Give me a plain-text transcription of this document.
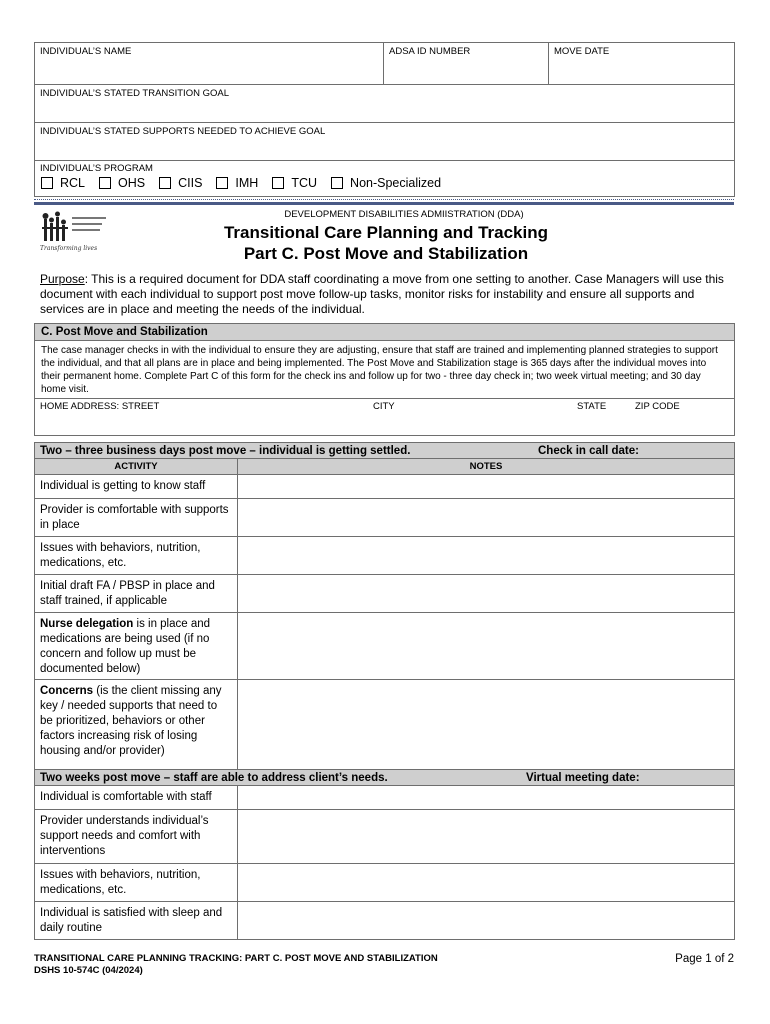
INDIVIDUAL’S NAME	ADSA ID NUMBER	MOVE DATE

INDIVIDUAL’S STATED TRANSITION GOAL

INDIVIDUAL’S STATED SUPPORTS NEEDED TO ACHIEVE GOAL

INDIVIDUAL’S PROGRAM
RCL	OHS	CIIS	IMH	TCU	Non-Specialized
Transforming lives
DEVELOPMENT DISABILITIES ADMIISTRATION (DDA)
Transitional Care Planning and Tracking
Part C. Post Move and Stabilization
Purpose: This is a required document for DDA staff coordinating a move from one setting to another. Case Managers will use this document with each individual to support post move follow-up tasks, monitor risks for instability and ensure all supports and services are in place and meeting the needs of the individual.
C. Post Move and Stabilization
The case manager checks in with the individual to ensure they are adjusting, ensure that staff are trained and implementing planned strategies to support the individual, and that all plans are in place and being implemented. The Post Move and Stabilization stage is 365 days after the individual moves into their permanent home. Complete Part C of this form for the check ins and follow up for two - three day check in; two week virtual meeting; and 30 day home visit.

HOME ADDRESS: STREET	CITY	STATE	ZIP CODE
Two – three business days post move – individual is getting settled. Check in call date:	

ACTIVITY	NOTES
Individual is getting to know staff	
Provider is comfortable with supports in place	
Issues with behaviors, nutrition, medications, etc.	
Initial draft FA / PBSP in place and staff trained, if applicable	
Nurse delegation is in place and medications are being used (if no concern and follow up must be documented below)	
Concerns (is the client missing any key / needed supports that need to be prioritized, behaviors or other factors increasing risk of losing housing and/or provider)	

Two weeks post move – staff are able to address client’s needs. Virtual meeting date:	

Individual is comfortable with staff	
Provider understands individual’s support needs and comfort with interventions	
Issues with behaviors, nutrition, medications, etc.	
Individual is satisfied with sleep and daily routine	
TRANSITIONAL CARE PLANNING TRACKING: PART C. POST MOVE AND STABILIZATION
DSHS 10-574C (04/2024)
Page 1 of 2
